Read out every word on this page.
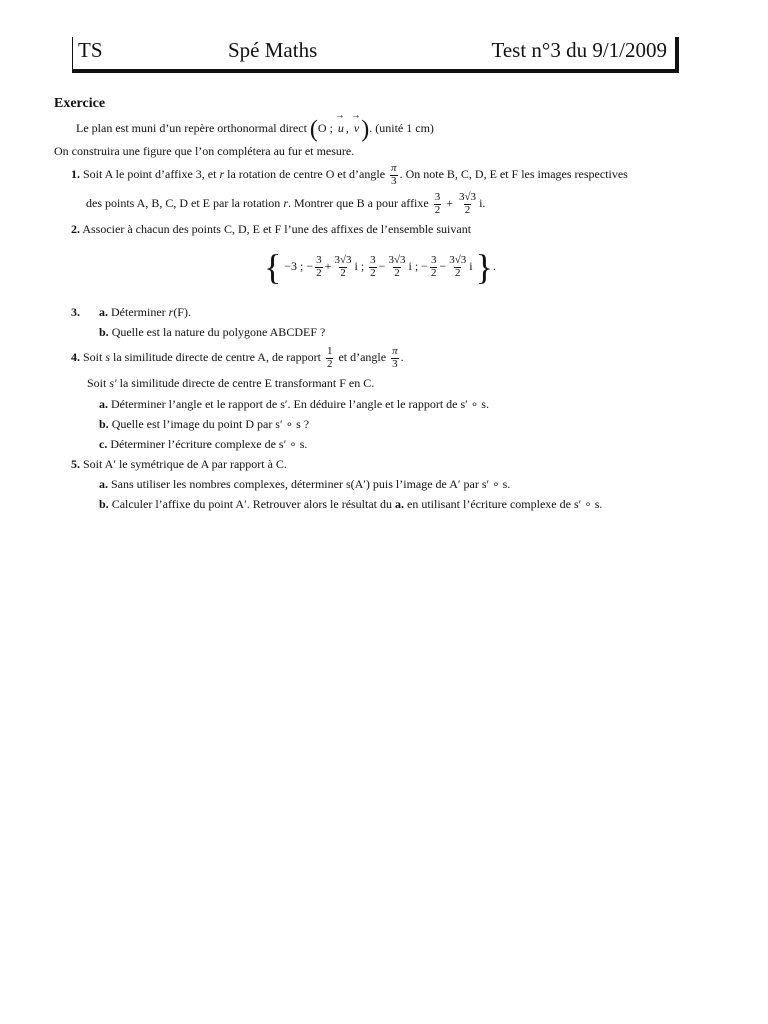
TS	Spé Maths	Test n°3 du 9/1/2009
Exercice
Le plan est muni d’un repère orthonormal direct (O ; → u , → v). (unité 1 cm)
On construira une figure que l’on complétera au fur et mesure.
1. Soit A le point d’affixe 3, et r la rotation de centre O et d’angle $\frac{\pi}{3}$ . On note B, C, D, E et F les images respectives
des points A, B, C, D et E par la rotation r. Montrer que B a pour affixe $\frac{3}{2} + \frac{3√3}{2} i$.
2. Associer à chacun des points C, D, E et F l’une des affixes de l’ensemble suivant
{ −3 ; − $\frac{3}{2} + \frac{3√3}{2}$ i ; $\frac{3}{2} - \frac{3√3}{2}$ i ; − $\frac{3}{2} - \frac{3√3}{2}$ i }.
3. a. Déterminer r(F).
b. Quelle est la nature du polygone ABCDEF ?
4. Soit s la similitude directe de centre A, de rapport $\frac{1}{2}$ et d’angle $\frac{\pi}{3}$ .
Soit s′ la similitude directe de centre E transformant F en C.
a. Déterminer l’angle et le rapport de s′. En déduire l’angle et le rapport de s′ ∘ s.
b. Quelle est l’image du point D par s′ ∘ s ?
c. Déterminer l’écriture complexe de s′ ∘ s.
5. Soit A′ le symétrique de A par rapport à C.
a. Sans utiliser les nombres complexes, déterminer s(A′) puis l’image de A′ par s′ ∘ s.
b. Calculer l’affixe du point A′. Retrouver alors le résultat du a. en utilisant l’écriture complexe de s′ ∘ s.
